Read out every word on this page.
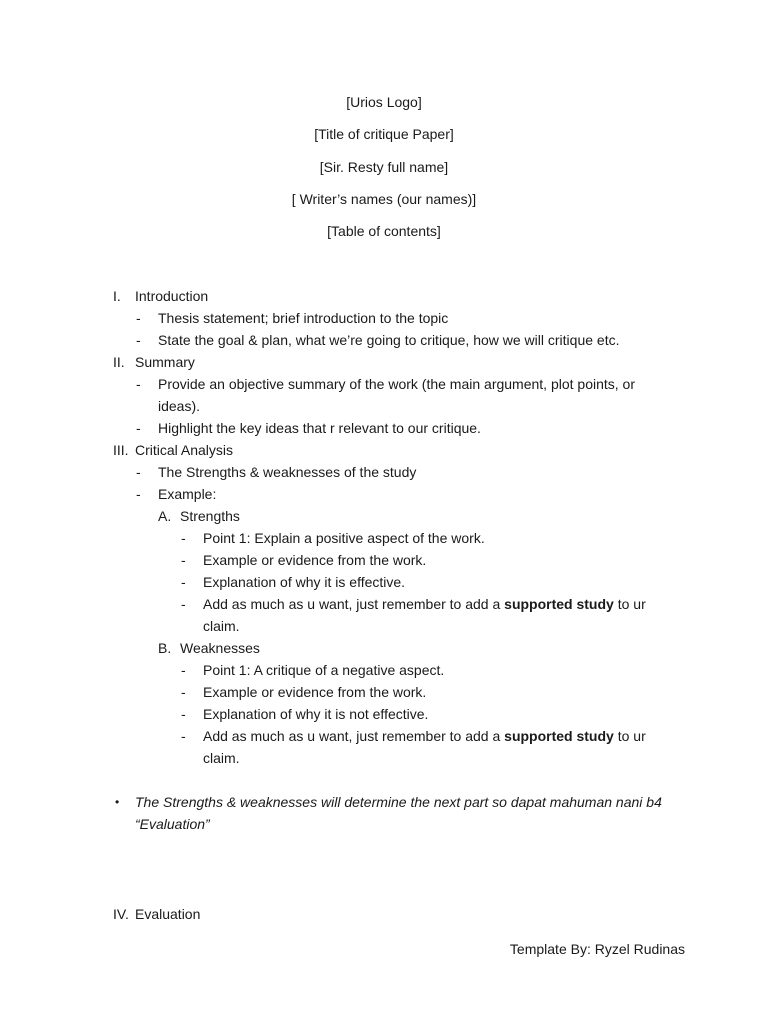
[Urios Logo]
[Title of critique Paper]
[Sir. Resty full name]
[ Writer’s names (our names)]
[Table of contents]
I.	Introduction
- Thesis statement; brief introduction to the topic
- State the goal & plan, what we’re going to critique, how we will critique etc.
II. Summary
- Provide an objective summary of the work (the main argument, plot points, or ideas).
- Highlight the key ideas that r relevant to our critique.
III. Critical Analysis
- The Strengths & weaknesses of the study
- Example:
A. Strengths
- Point 1: Explain a positive aspect of the work.
- Example or evidence from the work.
- Explanation of why it is effective.
- Add as much as u want, just remember to add a supported study to ur claim.
B. Weaknesses
- Point 1: A critique of a negative aspect.
- Example or evidence from the work.
- Explanation of why it is not effective.
- Add as much as u want, just remember to add a supported study to ur claim.
• The Strengths & weaknesses will determine the next part so dapat mahuman nani b4 “Evaluation”
IV. Evaluation
Template By: Ryzel Rudinas
